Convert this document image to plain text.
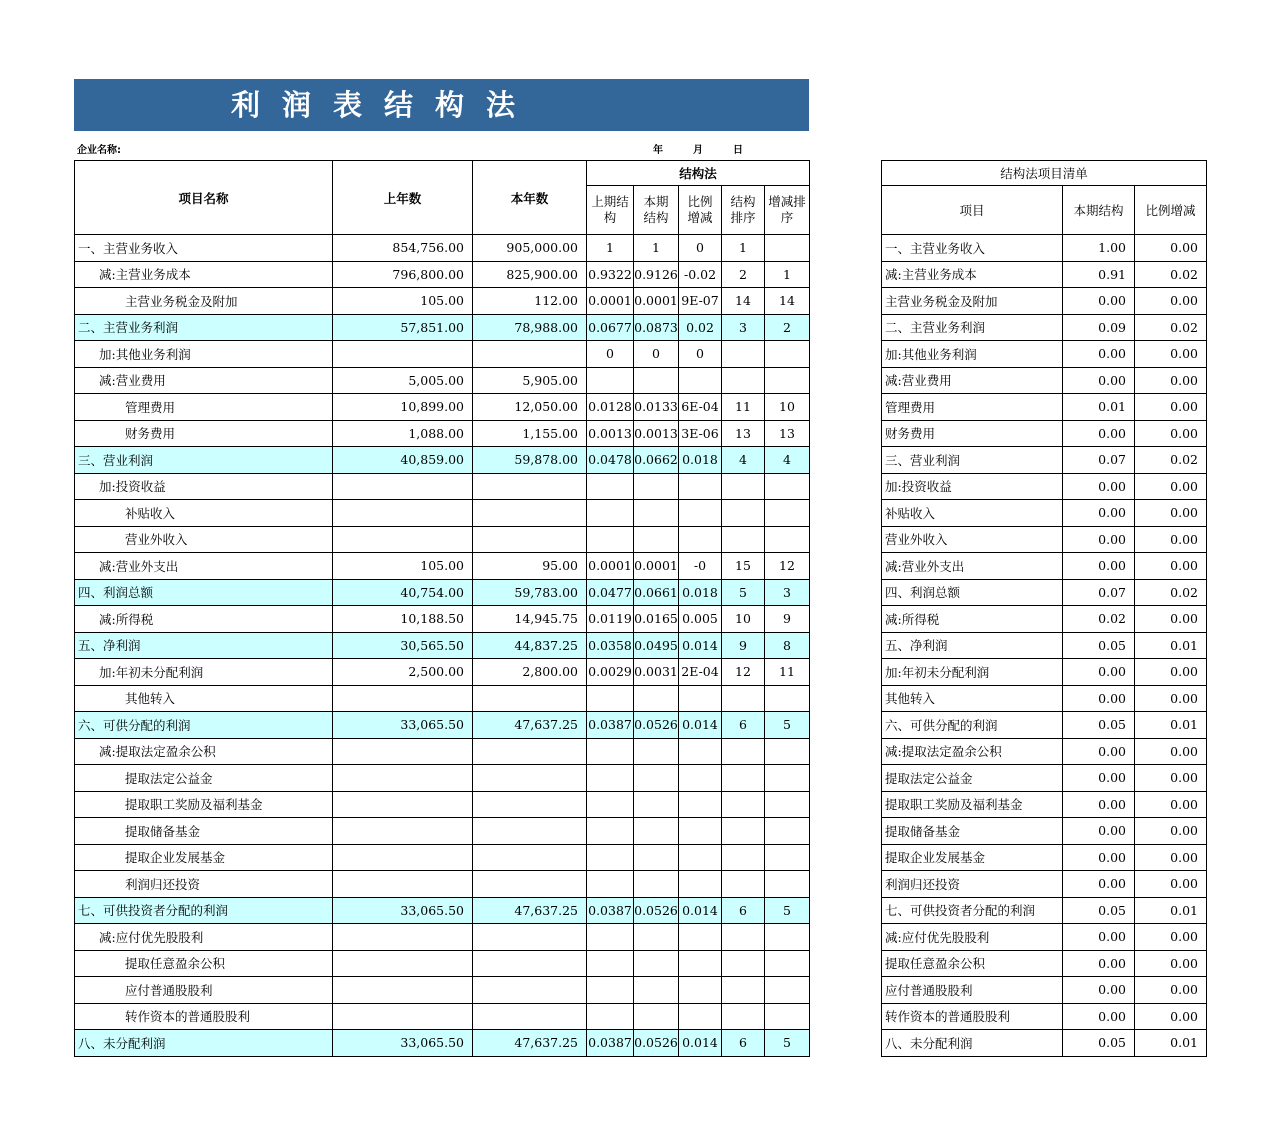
利润表结构法
企业名称:	年	月	日
项目名称	上年数	本年数	结构法				
			上期结构	本期结构	比例增减	结构排序	增减排序
一、主营业务收入	854,756.00	905,000.00	1	1	0	1	
减:主营业务成本	796,800.00	825,900.00	0.9322	0.9126	-0.02	2	1
主营业务税金及附加	105.00	112.00	0.0001	0.0001	9E-07	14	14
二、主营业务利润	57,851.00	78,988.00	0.0677	0.0873	0.02	3	2
加:其他业务利润			0	0	0		
减:营业费用	5,005.00	5,905.00					
管理费用	10,899.00	12,050.00	0.0128	0.0133	6E-04	11	10
财务费用	1,088.00	1,155.00	0.0013	0.0013	3E-06	13	13
三、营业利润	40,859.00	59,878.00	0.0478	0.0662	0.018	4	4
加:投资收益							
补贴收入							
营业外收入							
减:营业外支出	105.00	95.00	0.0001	0.0001	-0	15	12
四、利润总额	40,754.00	59,783.00	0.0477	0.0661	0.018	5	3
减:所得税	10,188.50	14,945.75	0.0119	0.0165	0.005	10	9
五、净利润	30,565.50	44,837.25	0.0358	0.0495	0.014	9	8
加:年初未分配利润	2,500.00	2,800.00	0.0029	0.0031	2E-04	12	11
其他转入							
六、可供分配的利润	33,065.50	47,637.25	0.0387	0.0526	0.014	6	5
减:提取法定盈余公积							
提取法定公益金							
提取职工奖励及福利基金							
提取储备基金							
提取企业发展基金							
利润归还投资							
七、可供投资者分配的利润	33,065.50	47,637.25	0.0387	0.0526	0.014	6	5
减:应付优先股股利							
提取任意盈余公积							
应付普通股股利							
转作资本的普通股股利							
八、未分配利润	33,065.50	47,637.25	0.0387	0.0526	0.014	6	5
结构法项目清单		
项目	本期结构	比例增减
一、主营业务收入	1.00	0.00
减:主营业务成本	0.91	0.02
主营业务税金及附加	0.00	0.00
二、主营业务利润	0.09	0.02
加:其他业务利润	0.00	0.00
减:营业费用	0.00	0.00
管理费用	0.01	0.00
财务费用	0.00	0.00
三、营业利润	0.07	0.02
加:投资收益	0.00	0.00
补贴收入	0.00	0.00
营业外收入	0.00	0.00
减:营业外支出	0.00	0.00
四、利润总额	0.07	0.02
减:所得税	0.02	0.00
五、净利润	0.05	0.01
加:年初未分配利润	0.00	0.00
其他转入	0.00	0.00
六、可供分配的利润	0.05	0.01
减:提取法定盈余公积	0.00	0.00
提取法定公益金	0.00	0.00
提取职工奖励及福利基金	0.00	0.00
提取储备基金	0.00	0.00
提取企业发展基金	0.00	0.00
利润归还投资	0.00	0.00
七、可供投资者分配的利润	0.05	0.01
减:应付优先股股利	0.00	0.00
提取任意盈余公积	0.00	0.00
应付普通股股利	0.00	0.00
转作资本的普通股股利	0.00	0.00
八、未分配利润	0.05	0.01
